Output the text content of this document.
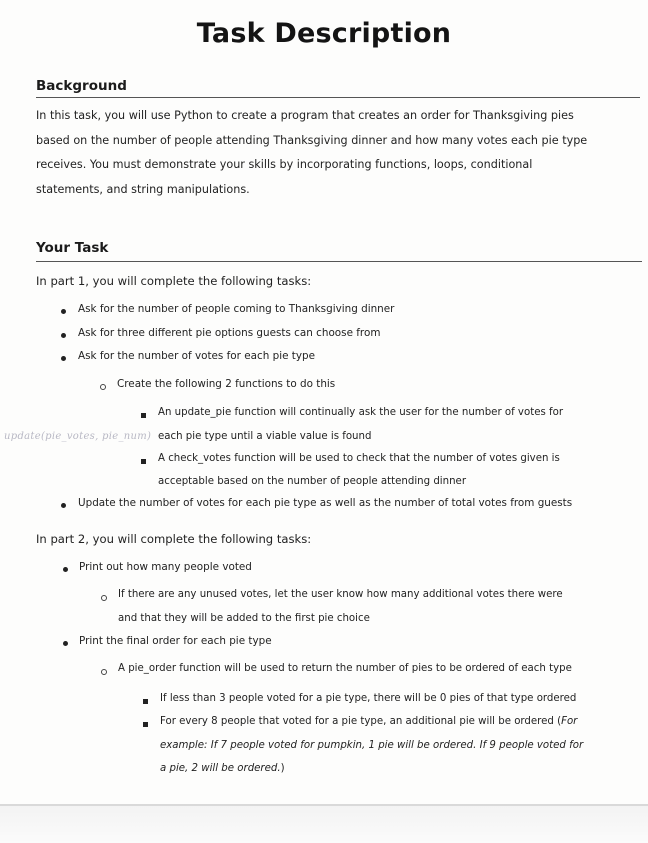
Task Description
Background
In this task, you will use Python to create a program that creates an order for Thanksgiving pies
based on the number of people attending Thanksgiving dinner and how many votes each pie type
receives. You must demonstrate your skills by incorporating functions, loops, conditional
statements, and string manipulations.
Your Task
In part 1, you will complete the following tasks:
Ask for the number of people coming to Thanksgiving dinner
Ask for three different pie options guests can choose from
Ask for the number of votes for each pie type
Create the following 2 functions to do this
An update_pie function will continually ask the user for the number of votes for
each pie type until a viable value is found
update(pie_votes, pie_num)
A check_votes function will be used to check that the number of votes given is
acceptable based on the number of people attending dinner
Update the number of votes for each pie type as well as the number of total votes from guests
In part 2, you will complete the following tasks:
Print out how many people voted
If there are any unused votes, let the user know how many additional votes there were
and that they will be added to the first pie choice
Print the final order for each pie type
A pie_order function will be used to return the number of pies to be ordered of each type
If less than 3 people voted for a pie type, there will be 0 pies of that type ordered
For every 8 people that voted for a pie type, an additional pie will be ordered (For
example: If 7 people voted for pumpkin, 1 pie will be ordered. If 9 people voted for
a pie, 2 will be ordered.)
